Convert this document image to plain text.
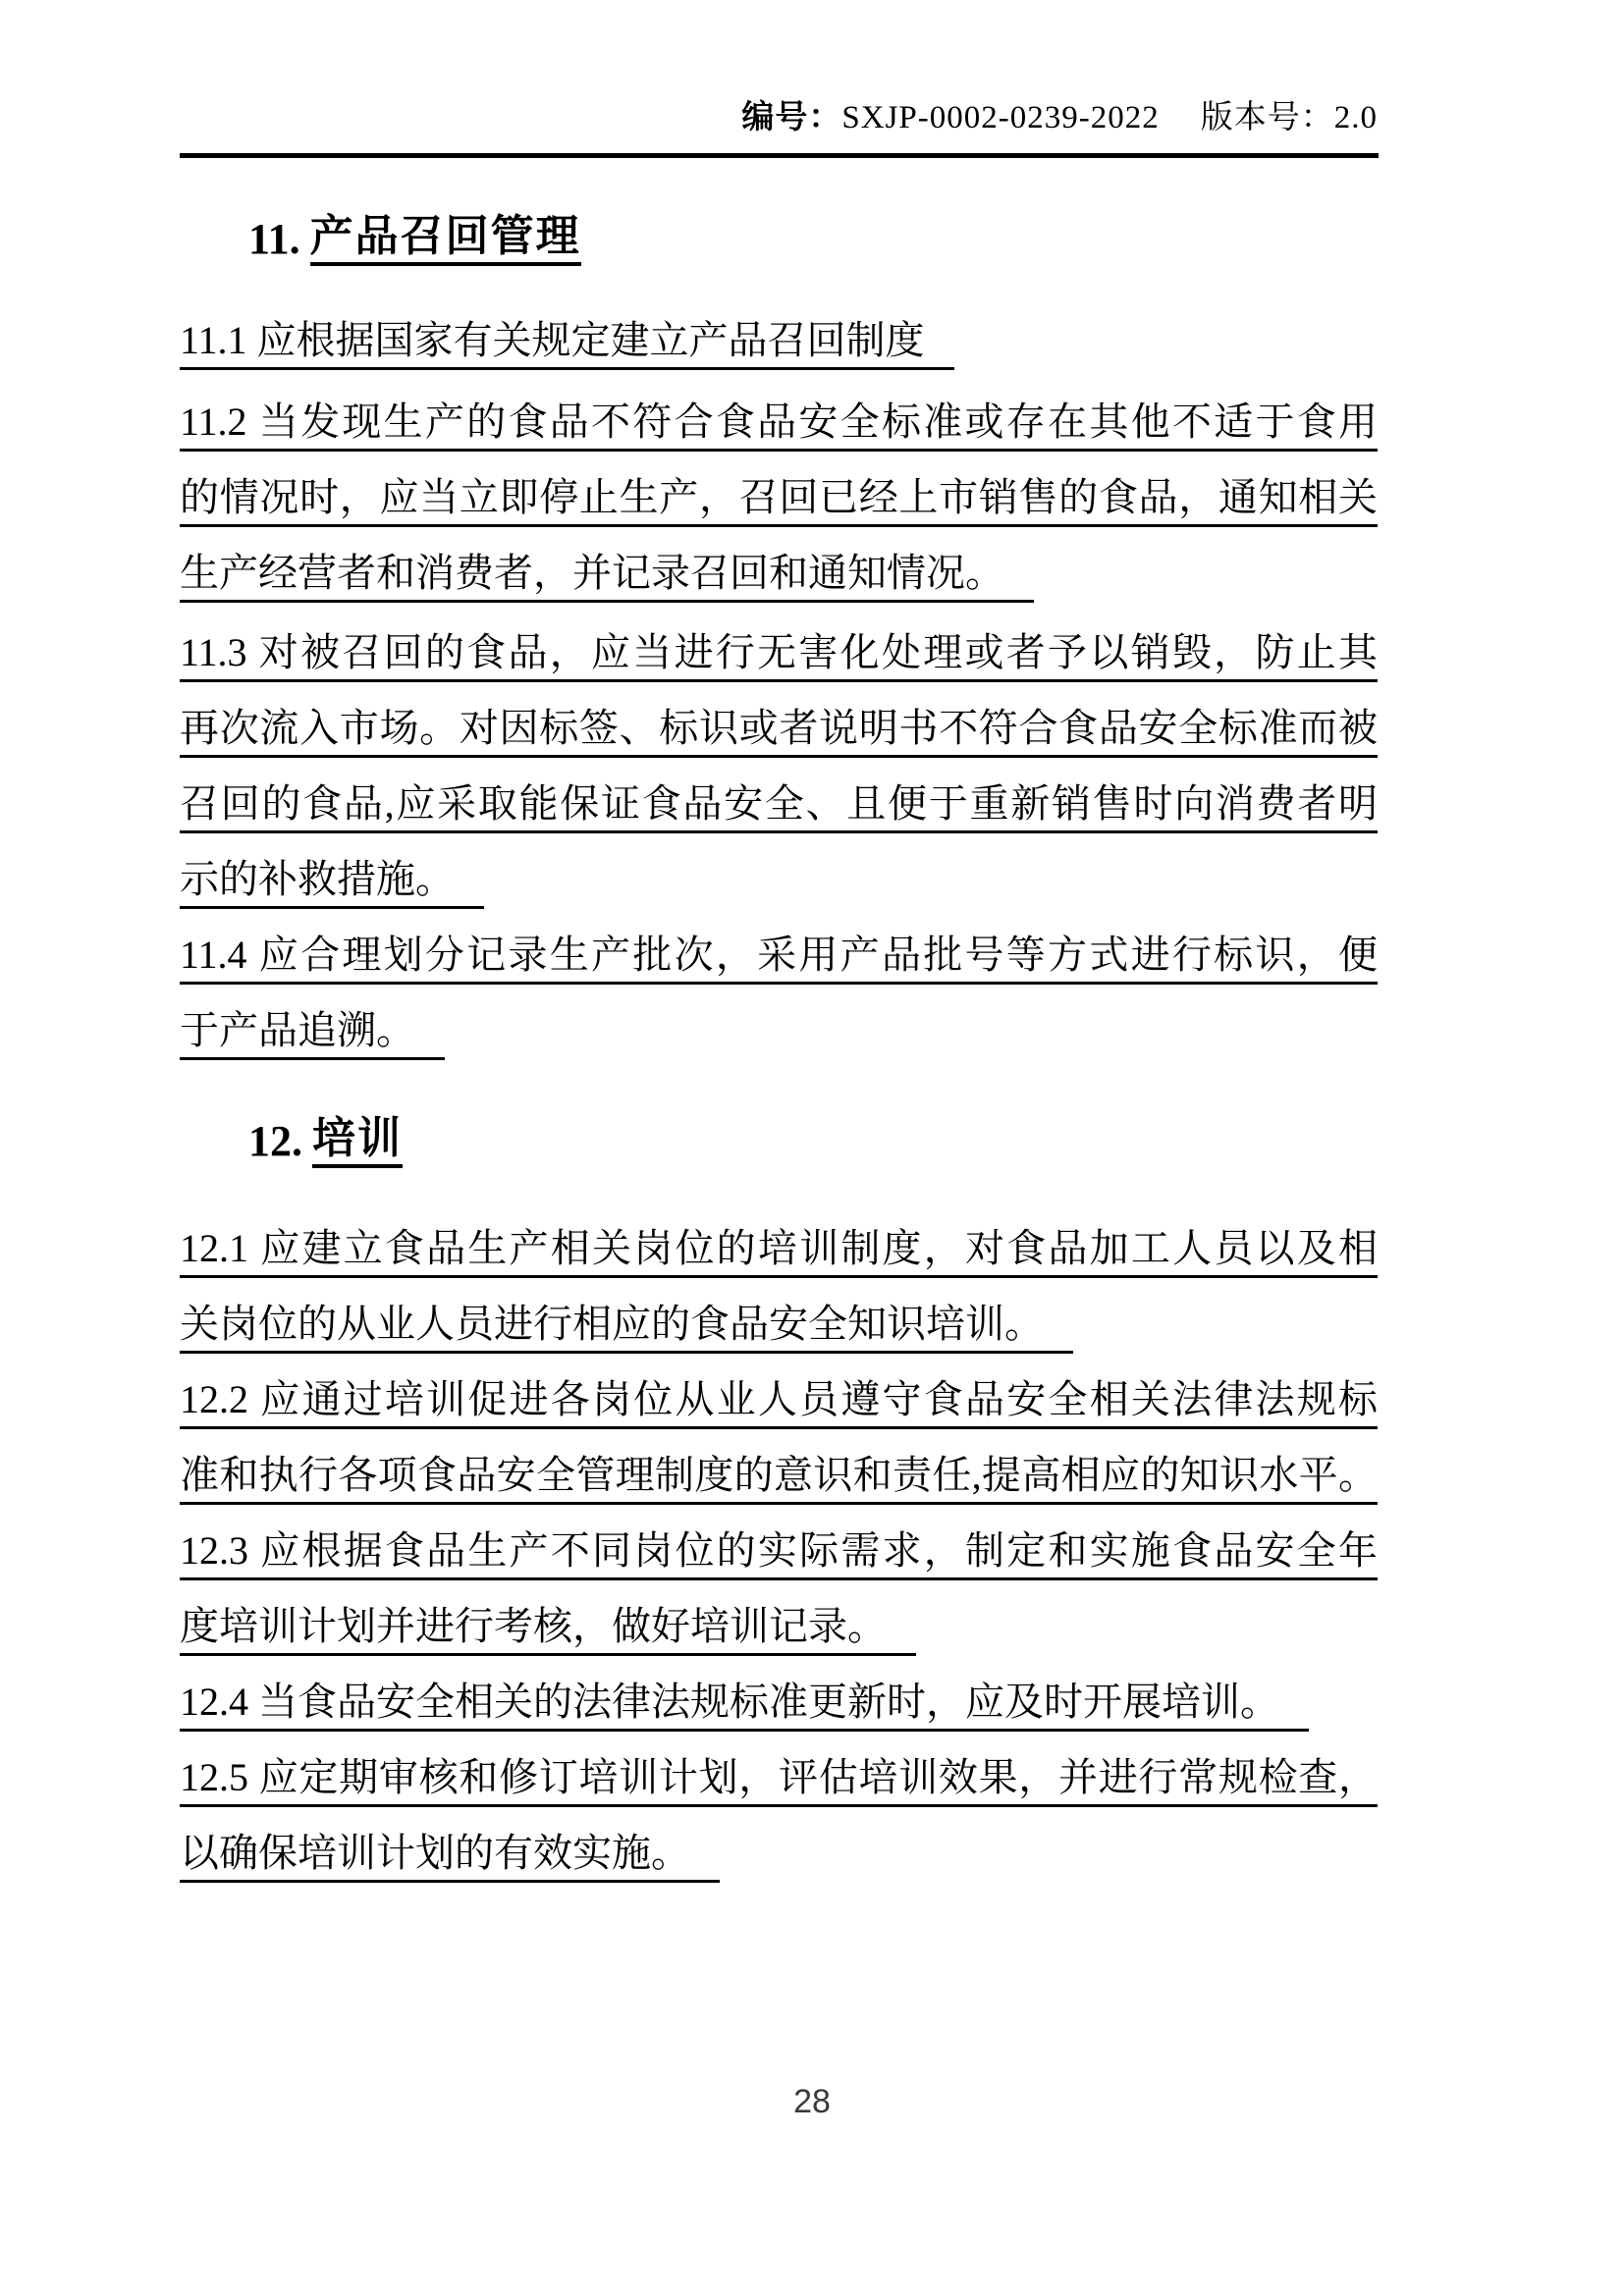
编号：SXJP-0002-0239-2022 版本号：2.0
11. 产品召回管理
11.1 应根据国家有关规定建立产品召回制度
11.2 当发现生产的食品不符合食品安全标准或存在其他不适于食用
的情况时，应当立即停止生产，召回已经上市销售的食品，通知相关
生产经营者和消费者，并记录召回和通知情况。
11.3 对被召回的食品，应当进行无害化处理或者予以销毁，防止其
再次流入市场。对因标签、标识或者说明书不符合食品安全标准而被
召回的食品,应采取能保证食品安全、且便于重新销售时向消费者明
示的补救措施。
11.4 应合理划分记录生产批次，采用产品批号等方式进行标识，便
于产品追溯。
12. 培训
12.1 应建立食品生产相关岗位的培训制度，对食品加工人员以及相
关岗位的从业人员进行相应的食品安全知识培训。
12.2 应通过培训促进各岗位从业人员遵守食品安全相关法律法规标
准和执行各项食品安全管理制度的意识和责任,提高相应的知识水平。
12.3 应根据食品生产不同岗位的实际需求，制定和实施食品安全年
度培训计划并进行考核，做好培训记录。
12.4 当食品安全相关的法律法规标准更新时，应及时开展培训。
12.5 应定期审核和修订培训计划，评估培训效果，并进行常规检查，
以确保培训计划的有效实施。
28
